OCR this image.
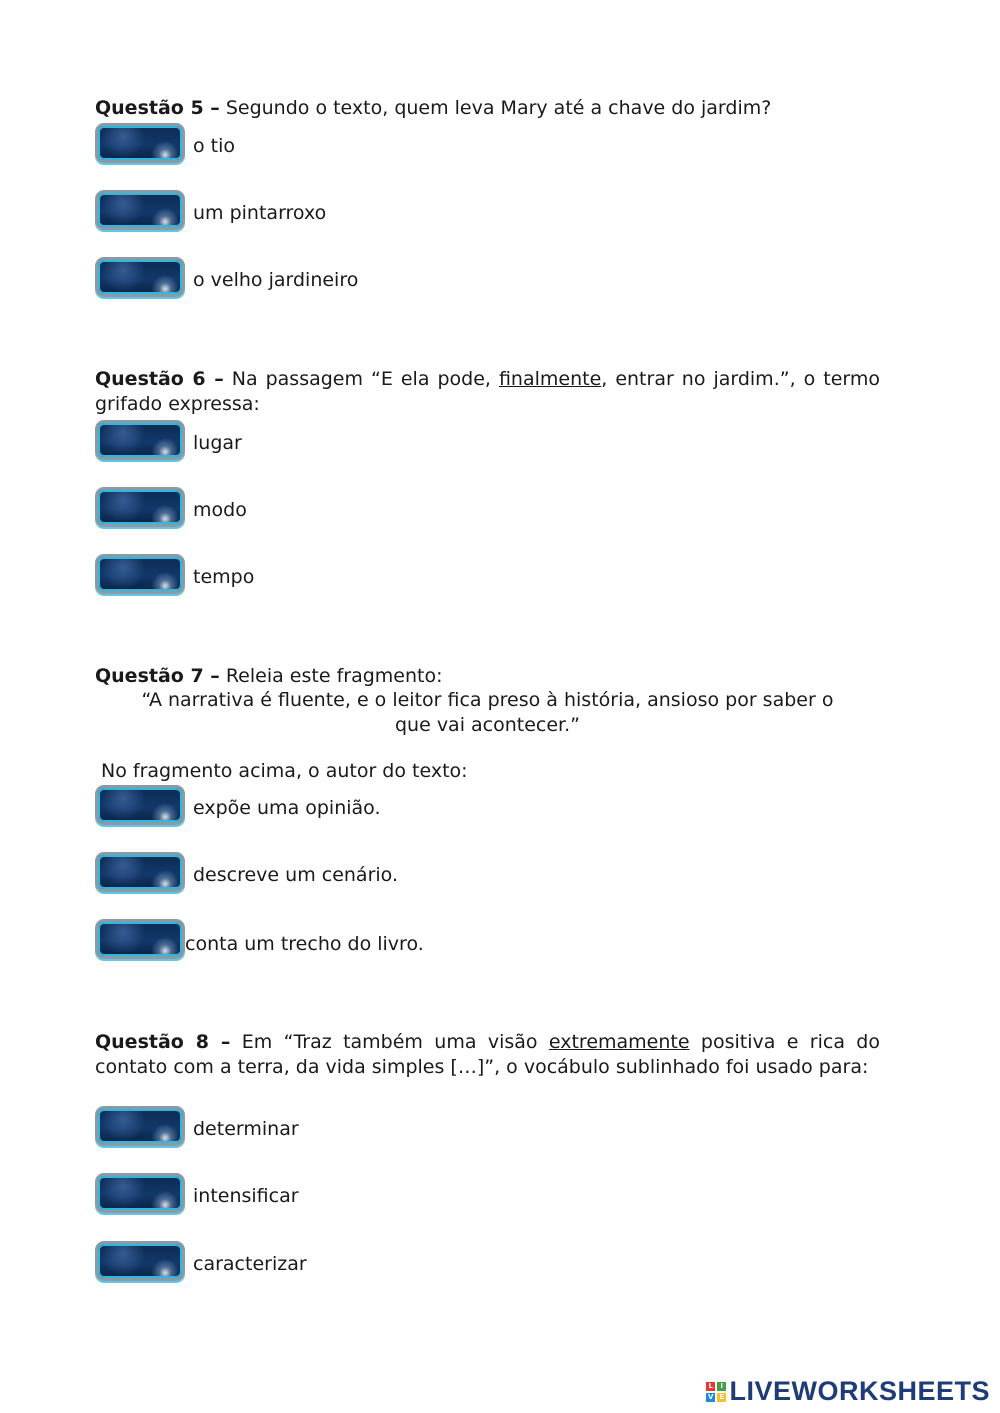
Questão 5 – Segundo o texto, quem leva Mary até a chave do jardim?
o tio
um pintarroxo
o velho jardineiro
Questão 6 – Na passagem “E ela pode, finalmente, entrar no jardim.”, o termo grifado expressa:
lugar
modo
tempo
Questão 7 – Releia este fragmento:
“A narrativa é fluente, e o leitor fica preso à história, ansioso por saber o
que vai acontecer.”
No fragmento acima, o autor do texto:
expõe uma opinião.
descreve um cenário.
conta um trecho do livro.
Questão 8 – Em “Traz também uma visão extremamente positiva e rica do contato com a terra, da vida simples […]”, o vocábulo sublinhado foi usado para:
determinar
intensificar
caracterizar
L I
V E LIVEWORKSHEETS
